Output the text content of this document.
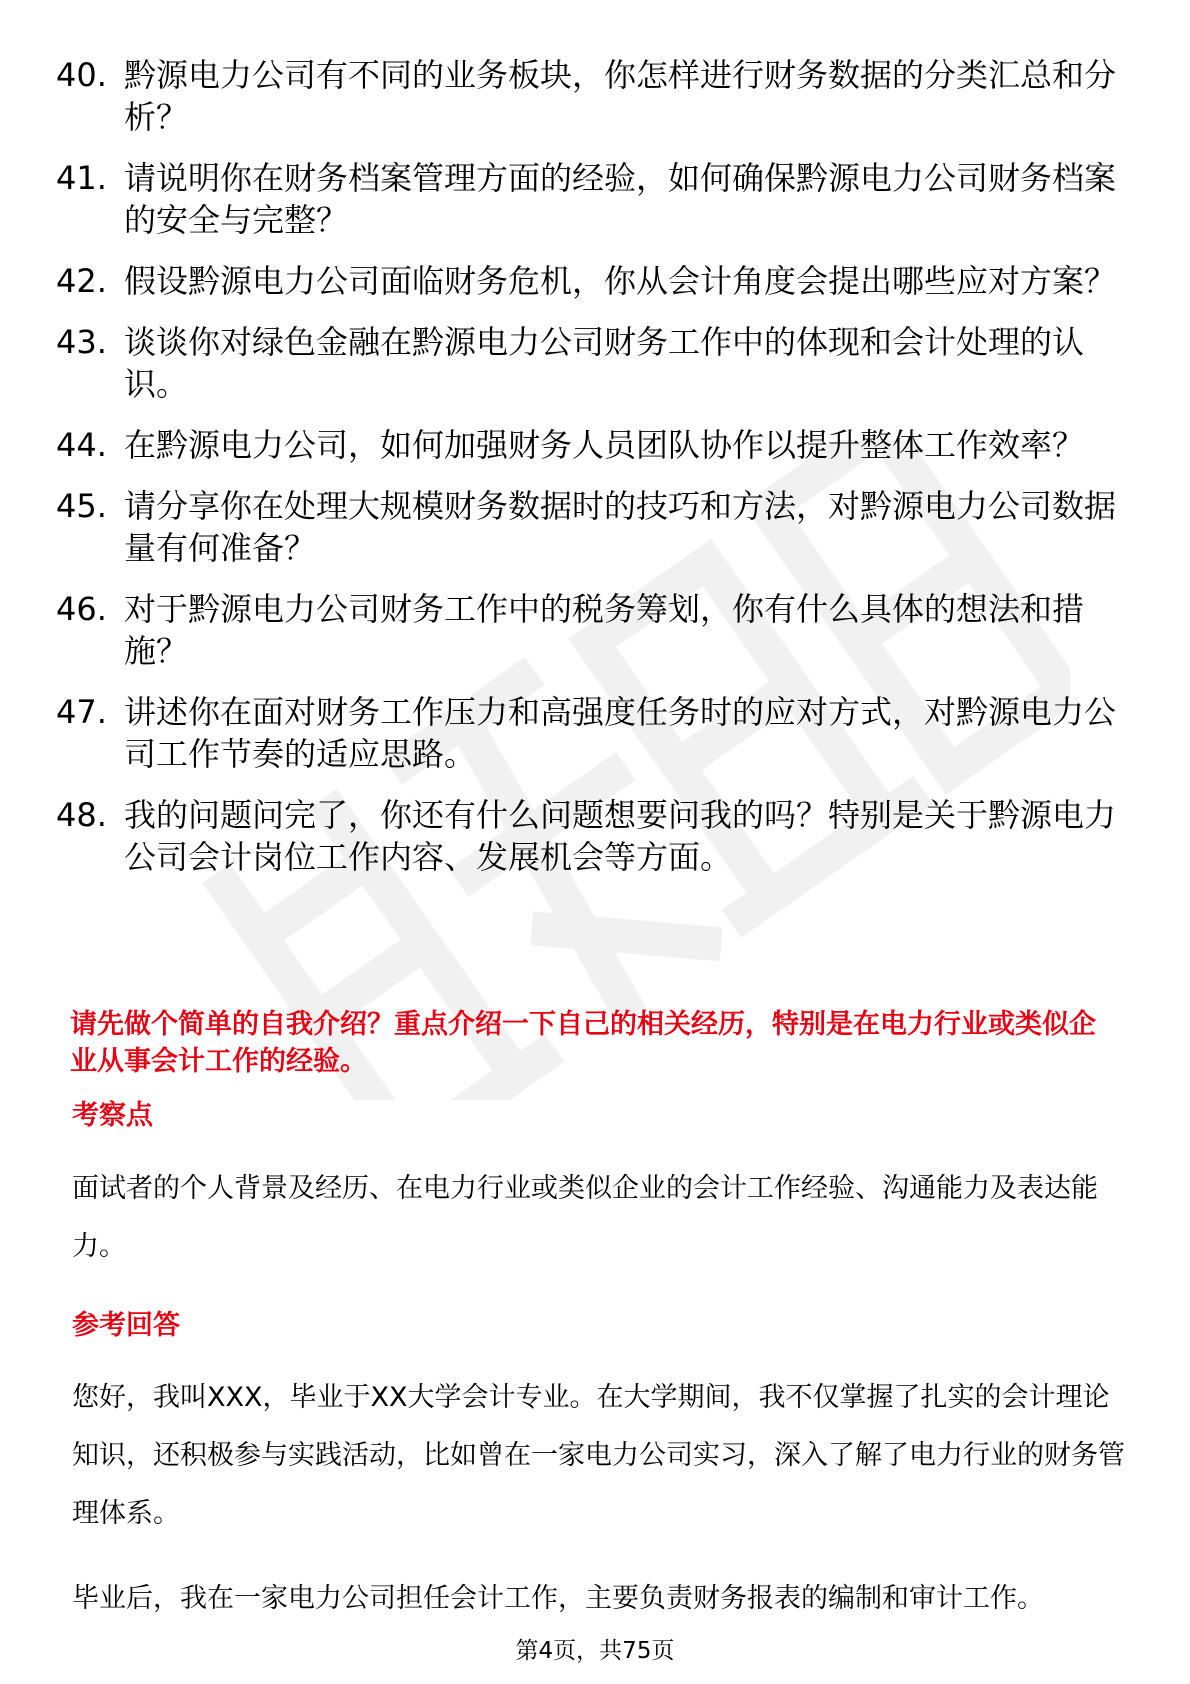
40. 黔源电力公司有不同的业务板块，你怎样进行财务数据的分类汇总和分析？
41. 请说明你在财务档案管理方面的经验，如何确保黔源电力公司财务档案的安全与完整？
42. 假设黔源电力公司面临财务危机，你从会计角度会提出哪些应对方案？
43. 谈谈你对绿色金融在黔源电力公司财务工作中的体现和会计处理的认识。
44. 在黔源电力公司，如何加强财务人员团队协作以提升整体工作效率？
45. 请分享你在处理大规模财务数据时的技巧和方法，对黔源电力公司数据量有何准备？
46. 对于黔源电力公司财务工作中的税务筹划，你有什么具体的想法和措施？
47. 讲述你在面对财务工作压力和高强度任务时的应对方式，对黔源电力公司工作节奏的适应思路。
48. 我的问题问完了，你还有什么问题想要问我的吗？特别是关于黔源电力公司会计岗位工作内容、发展机会等方面。
请先做个简单的自我介绍？重点介绍一下自己的相关经历，特别是在电力行业或类似企业从事会计工作的经验。
考察点
面试者的个人背景及经历、在电力行业或类似企业的会计工作经验、沟通能力及表达能力。
参考回答
您好，我叫XXX，毕业于XX大学会计专业。在大学期间，我不仅掌握了扎实的会计理论知识，还积极参与实践活动，比如曾在一家电力公司实习，深入了解了电力行业的财务管理体系。
毕业后，我在一家电力公司担任会计工作，主要负责财务报表的编制和审计工作。
第4页，共75页
